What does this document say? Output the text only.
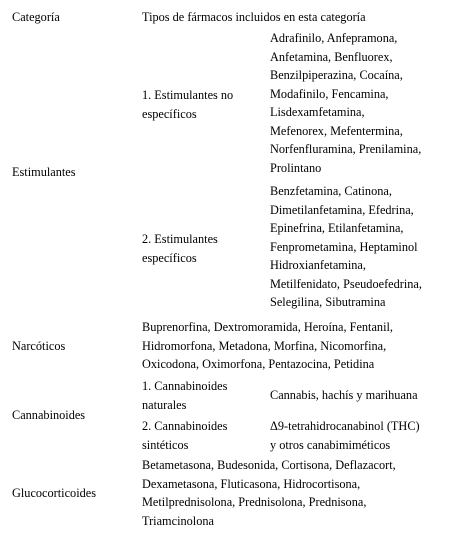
Categoría	Tipos de fármacos incluidos en esta categoría
Estimulantes
1. Estimulantes no
específicos
Adrafinilo, Anfepramona,
Anfetamina, Benfluorex,
Benzilpiperazina, Cocaína,
Modafinilo, Fencamina,
Lisdexamfetamina,
Mefenorex, Mefentermina,
Norfenfluramina, Prenilamina,
Prolintano
2. Estimulantes
específicos
Benzfetamina, Catinona,
Dimetilanfetamina, Efedrina,
Epinefrina, Etilanfetamina,
Fenprometamina, Heptaminol
Hidroxianfetamina,
Metilfenidato, Pseudoefedrina,
Selegilina, Sibutramina
Narcóticos
Buprenorfina, Dextromoramida, Heroína, Fentanil,
Hidromorfona, Metadona, Morfina, Nicomorfina,
Oxicodona, Oximorfona, Pentazocina, Petidina
Cannabinoides
1. Cannabinoides
naturales
Cannabis, hachís y marihuana
2. Cannabinoides
sintéticos
Δ9-tetrahidrocanabinol (THC)
y otros canabimiméticos
Glucocorticoides
Betametasona, Budesonida, Cortisona, Deflazacort,
Dexametasona, Fluticasona, Hidrocortisona,
Metilprednisolona, Prednisolona, Prednisona,
Triamcinolona
